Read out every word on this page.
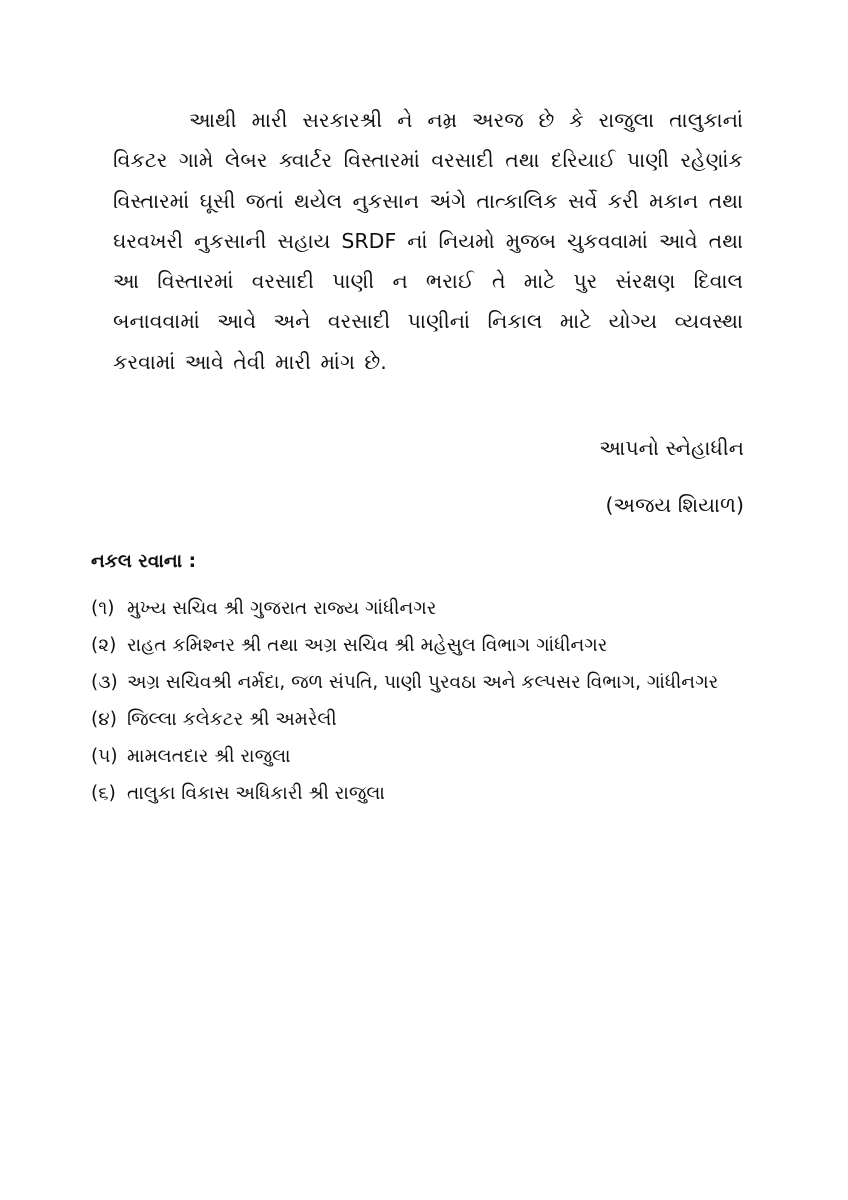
આથી મારી સરકારશ્રી ને નમ્ર અરજ છે કે રાજુલા તાલુકાનાં વિકટર ગામે લેબર ક્વાર્ટર વિસ્તારમાં વરસાદી તથા દરિયાઈ પાણી રહેણાંક વિસ્તારમાં ઘૂસી જતાં થયેલ નુકસાન અંગે તાત્કાલિક સર્વે કરી મકાન તથા ઘરવખરી નુકસાની સહાય SRDF નાં નિયમો મુજબ ચુકવવામાં આવે તથા આ વિસ્તારમાં વરસાદી પાણી ન ભરાઈ તે માટે પુર સંરક્ષણ દિવાલ બનાવવામાં આવે અને વરસાદી પાણીનાં નિકાલ માટે યોગ્ય વ્યવસ્થા કરવામાં આવે તેવી મારી માંગ છે.

આપનો સ્નેહાધીન

(અજય શિયાળ)

નકલ રવાના :

(૧) મુખ્ય સચિવ શ્રી ગુજરાત રાજ્ય ગાંધીનગર
(૨) રાહત કમિશ્નર શ્રી તથા અગ્ર સચિવ શ્રી મહેસુલ વિભાગ ગાંધીનગર
(૩) અગ્ર સચિવશ્રી નર્મદા, જળ સંપતિ, પાણી પુરવઠા અને કલ્પસર વિભાગ, ગાંધીનગર
(૪) જિલ્લા કલેકટર શ્રી અમરેલી
(૫) મામલતદાર શ્રી રાજુલા
(૬) તાલુકા વિકાસ અધિકારી શ્રી રાજુલા
